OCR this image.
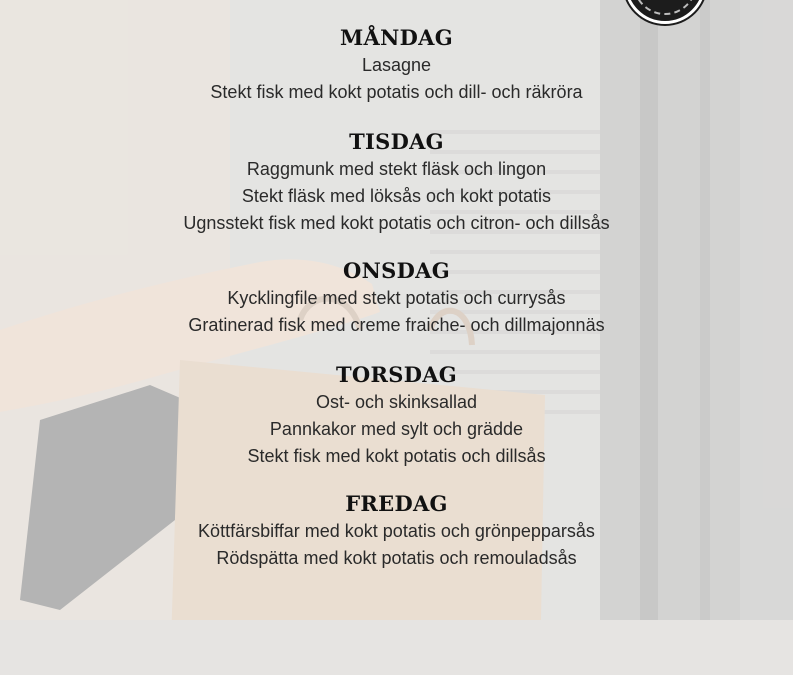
MÅNDAG

Lasagne

Stekt fisk med kokt potatis och dill- och räkröra

TISDAG

Raggmunk med stekt fläsk och lingon

Stekt fläsk med löksås och kokt potatis

Ugnsstekt fisk med kokt potatis och citron- och dillsås

ONSDAG

Kycklingfile med stekt potatis och currysås

Gratinerad fisk med creme fraiche- och dillmajonnäs

TORSDAG

Ost- och skinksallad

Pannkakor med sylt och grädde

Stekt fisk med kokt potatis och dillsås

FREDAG

Köttfärsbiffar med kokt potatis och grönpepparsås

Rödspätta med kokt potatis och remouladsås
